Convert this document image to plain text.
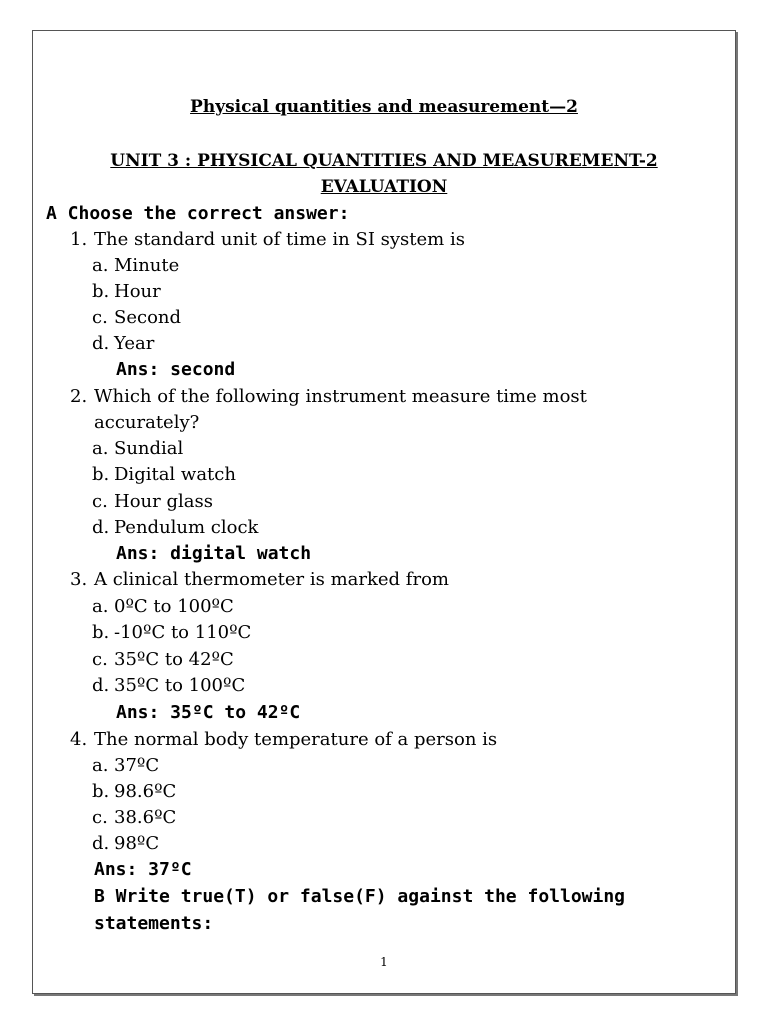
Physical quantities and measurement—2
UNIT 3 : PHYSICAL QUANTITIES AND MEASUREMENT-2
EVALUATION
A Choose the correct answer:
1. The standard unit of time in SI system is
a. Minute
b. Hour
c. Second
d. Year
Ans: second
2. Which of the following instrument measure time most
accurately?
a. Sundial
b. Digital watch
c. Hour glass
d. Pendulum clock
Ans: digital watch
3. A clinical thermometer is marked from
a. 0ºC to 100ºC
b. -10ºC to 110ºC
c. 35ºC to 42ºC
d. 35ºC to 100ºC
Ans: 35ºC to 42ºC
4. The normal body temperature of a person is
a. 37ºC
b. 98.6ºC
c. 38.6ºC
d. 98ºC
Ans: 37ºC
B Write true(T) or false(F) against the following
statements:
1
